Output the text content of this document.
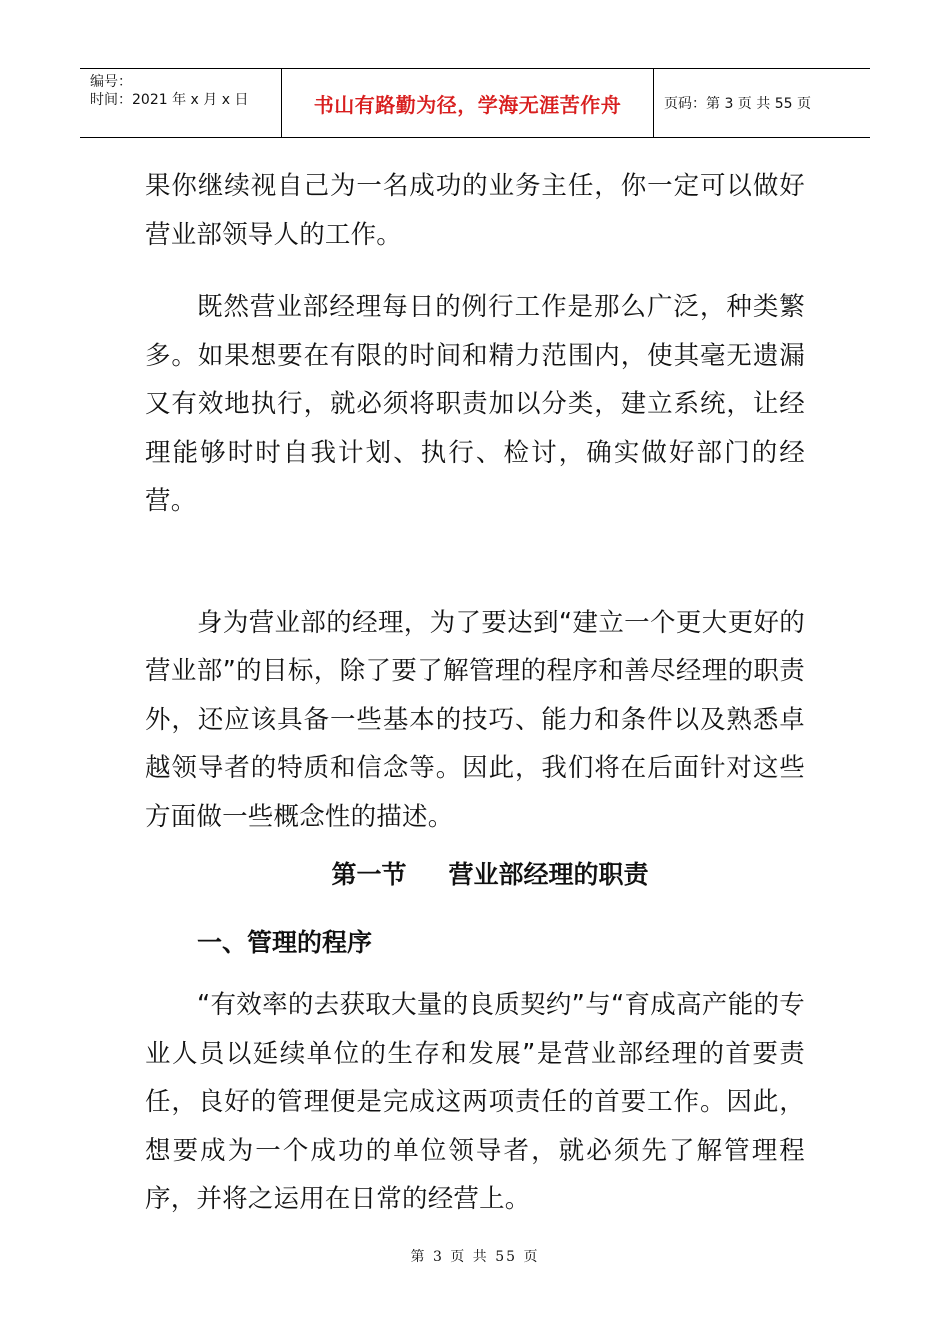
编号：
时间：2021 年 x 月 x 日	书山有路勤为径，学海无涯苦作舟	页码：第 3 页 共 55 页

果你继续视自己为一名成功的业务主任，你一定可以做好营业部领导人的工作。

既然营业部经理每日的例行工作是那么广泛，种类繁多。如果想要在有限的时间和精力范围内，使其毫无遗漏又有效地执行，就必须将职责加以分类，建立系统，让经理能够时时自我计划、执行、检讨，确实做好部门的经营。

身为营业部的经理，为了要达到“建立一个更大更好的营业部”的目标，除了要了解管理的程序和善尽经理的职责外，还应该具备一些基本的技巧、能力和条件以及熟悉卓越领导者的特质和信念等。因此，我们将在后面针对这些方面做一些概念性的描述。

第一节 营业部经理的职责
一、管理的程序

“有效率的去获取大量的良质契约”与“育成高产能的专业人员以延续单位的生存和发展”是营业部经理的首要责任，良好的管理便是完成这两项责任的首要工作。因此，想要成为一个成功的单位领导者，就必须先了解管理程序，并将之运用在日常的经营上。

第 3 页 共 55 页
